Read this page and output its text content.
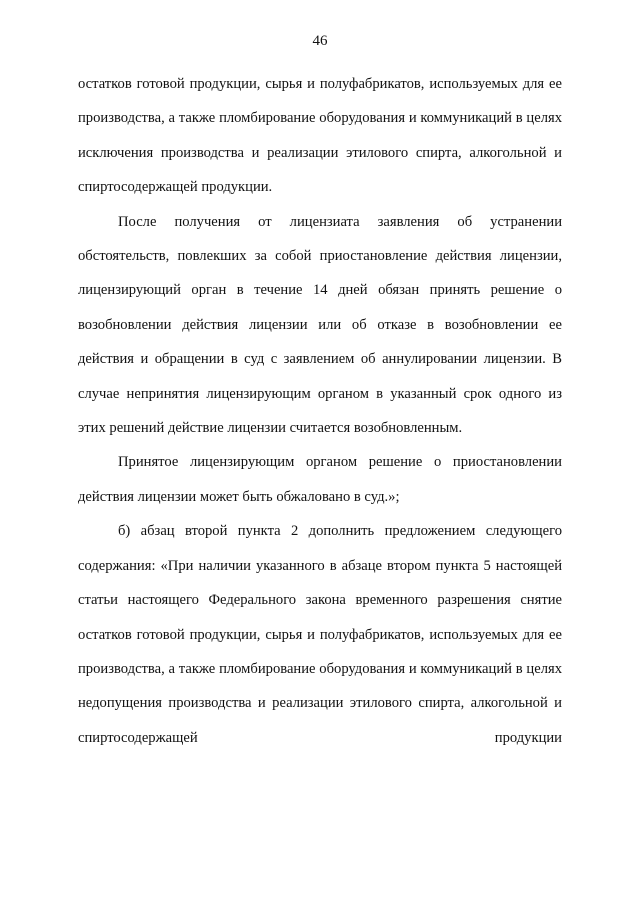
46

остатков готовой продукции, сырья и полуфабрикатов, используемых для ее производства, а также пломбирование оборудования и коммуникаций в целях исключения производства и реализации этилового спирта, алкогольной и спиртосодержащей продукции.

После получения от лицензиата заявления об устранении обстоятельств, повлекших за собой приостановление действия лицензии, лицензирующий орган в течение 14 дней обязан принять решение о возобновлении действия лицензии или об отказе в возобновлении ее действия и обращении в суд с заявлением об аннулировании лицензии. В случае непринятия лицензирующим органом в указанный срок одного из этих решений действие лицензии считается возобновленным.

Принятое лицензирующим органом решение о приостановлении действия лицензии может быть обжаловано в суд.»;

б) абзац второй пункта 2 дополнить предложением следующего содержания: «При наличии указанного в абзаце втором пункта 5 настоящей статьи настоящего Федерального закона временного разрешения снятие остатков готовой продукции, сырья и полуфабрикатов, используемых для ее производства, а также пломбирование оборудования и коммуникаций в целях недопущения производства и реализации этилового спирта, алкогольной и спиртосодержащей продукции
